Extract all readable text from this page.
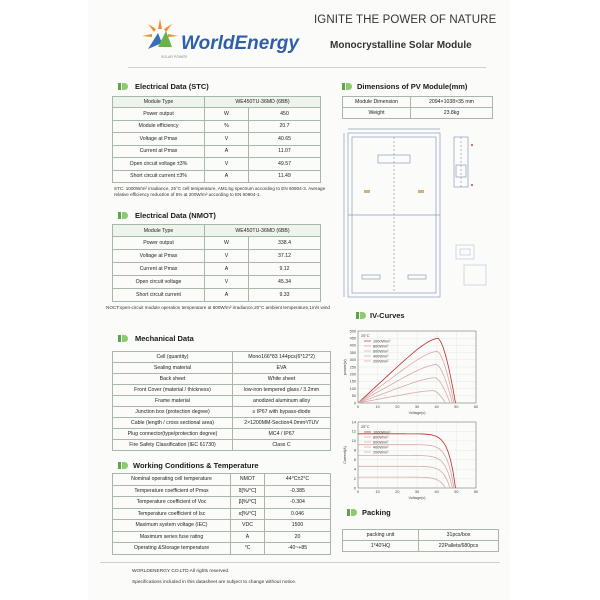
WorldEnergy
SOLAR POWER
IGNITE THE POWER OF NATURE
Monocrystalline Solar Module
Electrical Data (STC)
Module Type	WE450TU-36MD (6BB)	
Power output	W	450
Module efficiency	%	20.7
Voltage at Pmax	V	40.65
Current at Pmax	A	11.07
Open circuit voltage ±3%	V	49.57
Short circuit current ±3%	A	11.49
STC: 1000W/m² irradiance, 25°C cell temperature, AM1.5g spectrum according to EN 60904-3. Average relative efficiency reduction of 5% at 200W/m² according to EN 60904-1.
Electrical Data (NMOT)
Module Type	WE450TU-36MD (6BB)	
Power output	W	338.4
Voltage at Pmax	V	37.12
Current at Pmax	A	9.12
Open circuit voltage	V	45.34
Short circuit current	A	9.33
NOCT:open-circuit module operation temperature at 800W/m² irradiance,20°C ambient temperature,1m/s wind
Mechanical Data
Cell (quantity)	Mono166*83 144pcs(6*12*2)
Sealing material	EVA
Back sheet	White sheet
Front Cover (material / thickness)	low-iron tempered glass / 3.2mm
Frame material	anodized aluminum alloy
Junction box (protection degree)	≥ IP67 with bypass-diode
Cable (length / cross sectional area)	2×1200MM-Section4.0mm²/TUV
Plug connector(type/protection degree)	MC4 / IP67
Fire Safety Classification (IEC 61730)	Class C
Working Conditions & Temperature
Nominal operating cell temperature	NMOT	44°C±2°C
Temperature coefficient of Pmax	δ[%/°C]	-0.385
Temperature coefficient of Voc	β[%/°C]	-0.304
Temperature coefficient of Isc	α[%/°C]	0.046
Maximum system voltage (IEC)	VDC	1500
Maximum series fuse rating	A	20
Operating &Storage temperature	°C	-40~+85
Dimensions of PV Module(mm)
Module Dimension	2094×1038×35 mm
Weight	23.8kg
IV-Curves
0
50
100
150
200
250
300
350
400
450
500
0	10	20	30	40	50	60
Voltage(v)
power(w)
25°C
1000W/m²
800W/m²
600W/m²
400W/m²
200W/m²
0
2
4
6
8
10
12
14
0	10	20	30	40	50	60
Voltage(v)
Current(A)
25°C
1000W/m²
800W/m²
600W/m²
400W/m²
200W/m²
Packing
packing unit	31pcs/box
1*40'HQ	22Pallets/680pcs
WORLDENERGY CO.LTD All rights reserved.
Specifications included in this datasheet are subject to change without notice.
